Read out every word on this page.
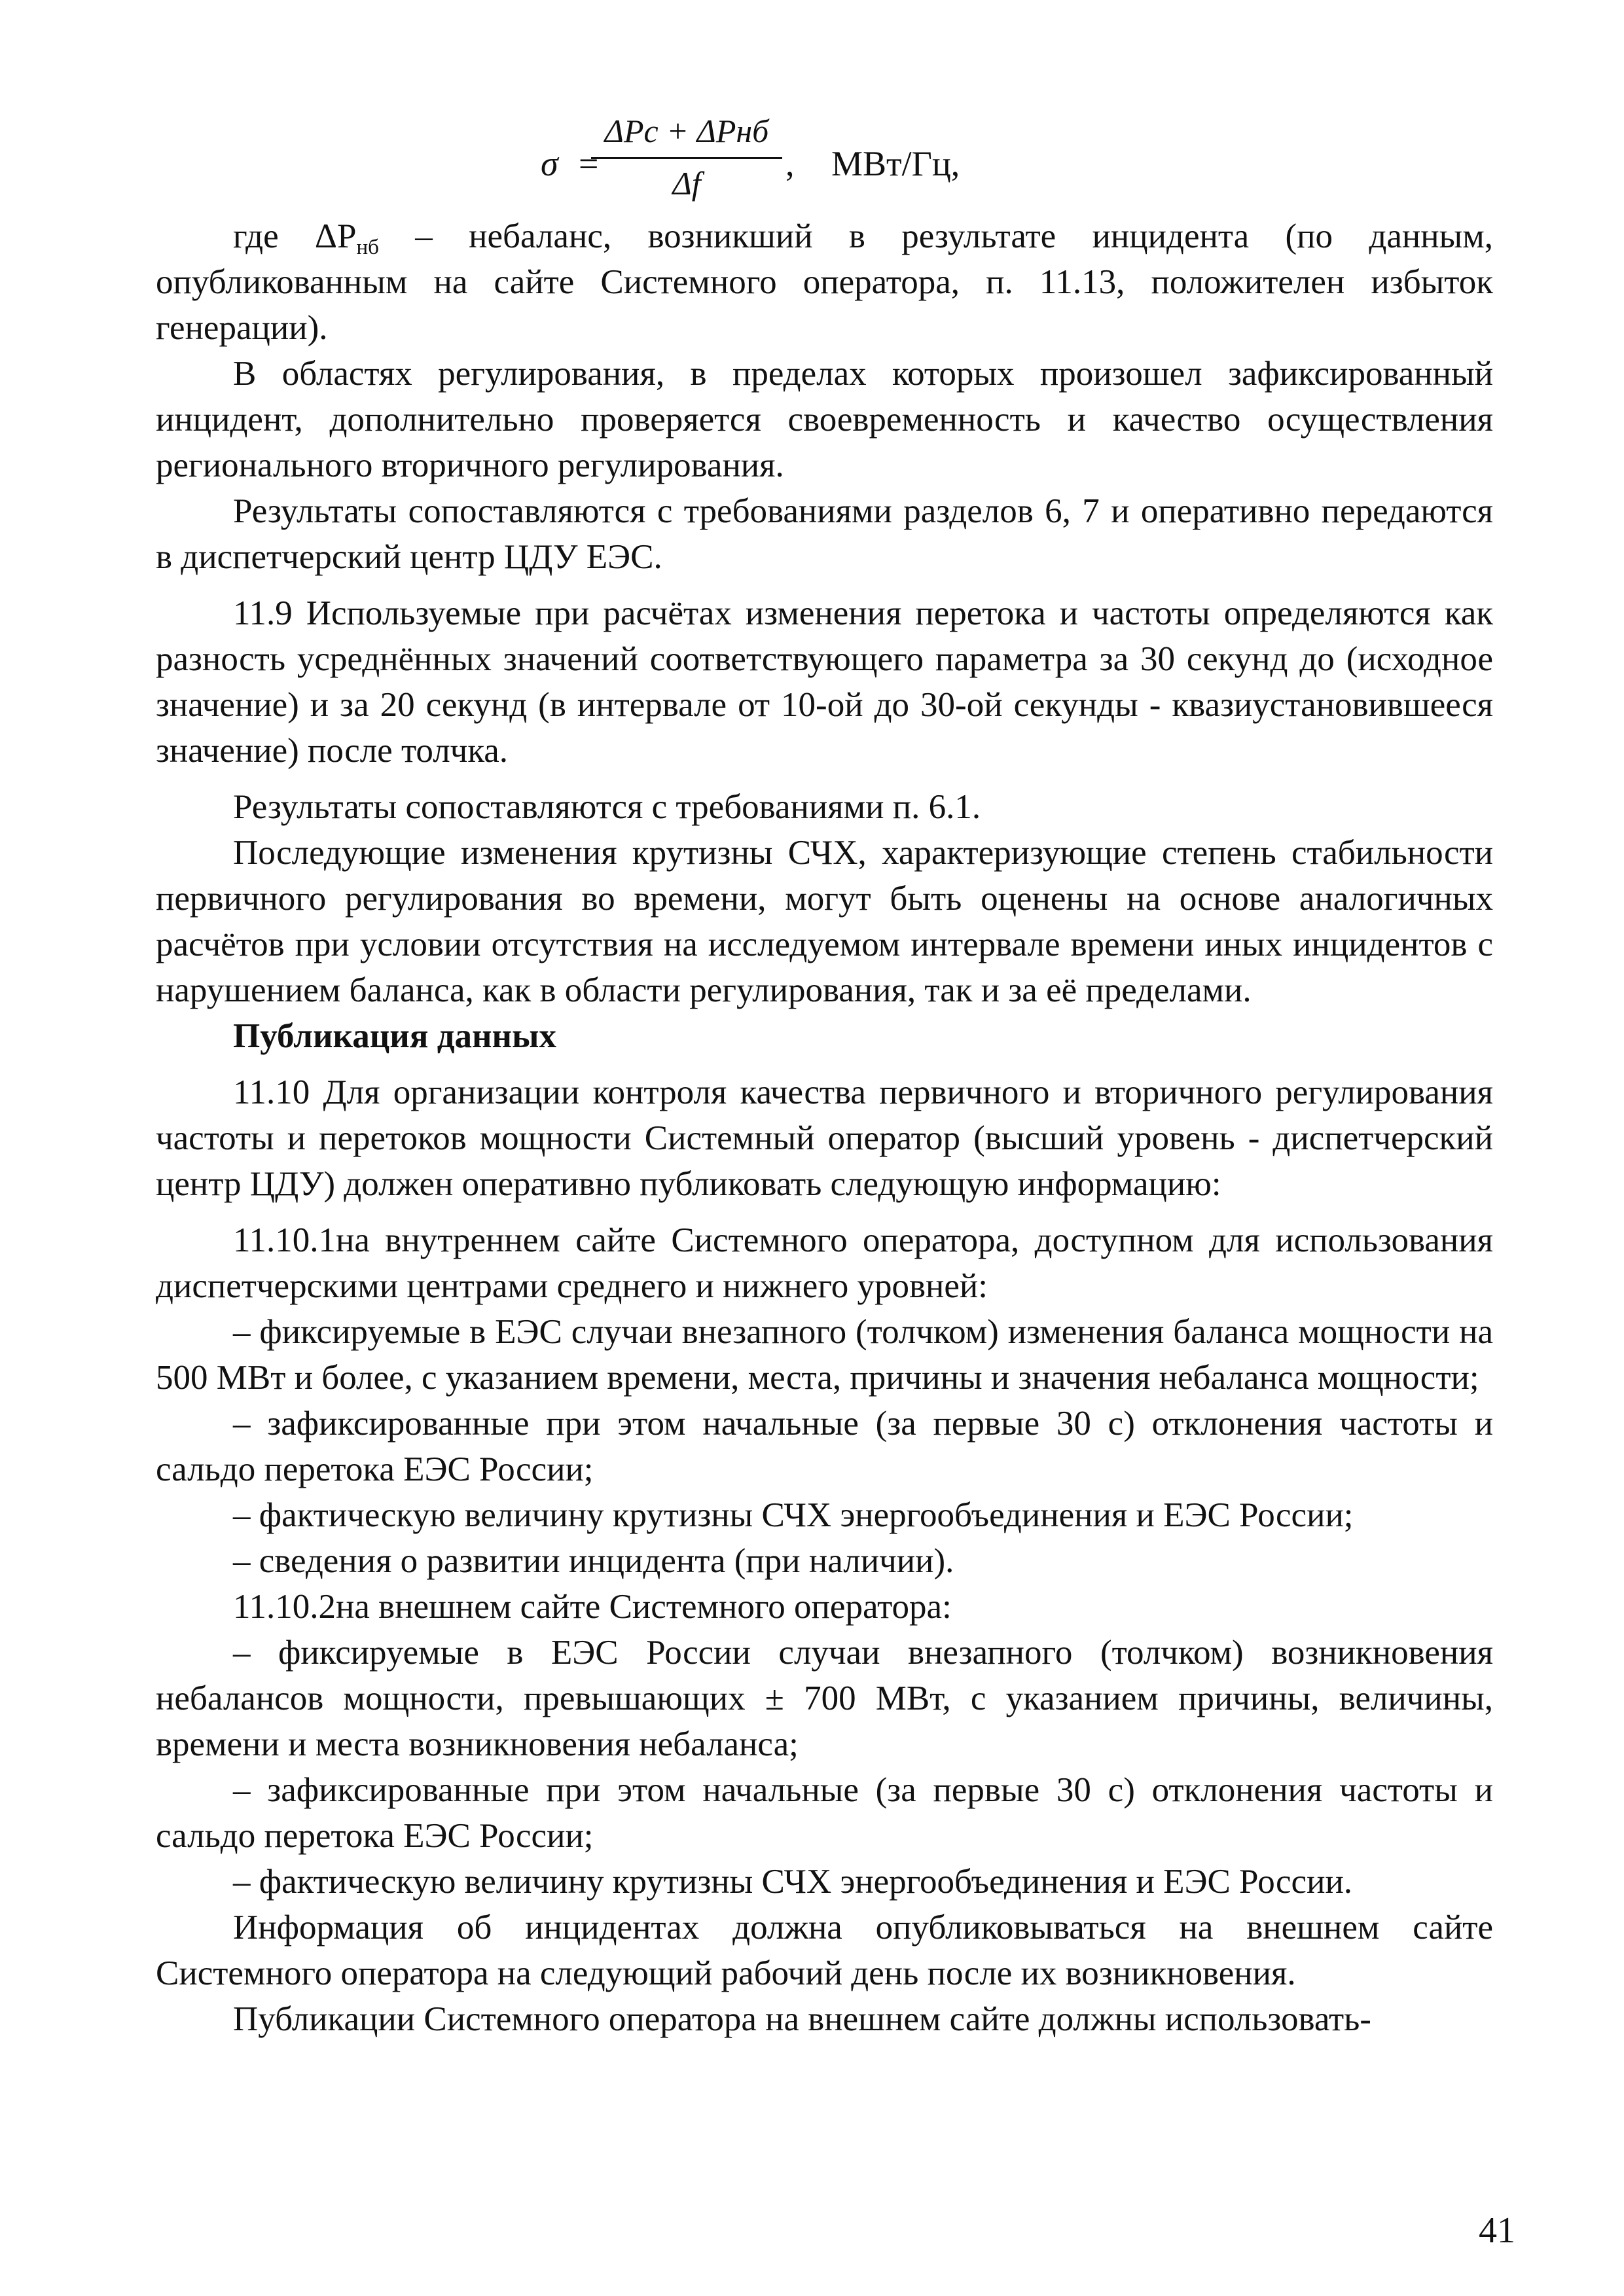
σ =
ΔPс + ΔPнб
Δf	, МВт/Гц,

где $\Delta P_{нб}$ – небаланс, возникший в результате инцидента (по данным, опубликованным на сайте Системного оператора, п. 11.13, положителен избыток генерации).

В областях регулирования, в пределах которых произошел зафиксированный инцидент, дополнительно проверяется своевременность и качество осуществления регионального вторичного регулирования.

Результаты сопоставляются с требованиями разделов 6, 7 и оперативно передаются в диспетчерский центр ЦДУ ЕЭС.

11.9 Используемые при расчётах изменения перетока и частоты определяются как разность усреднённых значений соответствующего параметра за 30 секунд до (исходное значение) и за 20 секунд (в интервале от 10-ой до 30-ой секунды - квазиустановившееся значение) после толчка.

Результаты сопоставляются с требованиями п. 6.1.

Последующие изменения крутизны СЧХ, характеризующие степень стабильности первичного регулирования во времени, могут быть оценены на основе аналогичных расчётов при условии отсутствия на исследуемом интервале времени иных инцидентов с нарушением баланса, как в области регулирования, так и за её пределами.

Публикация данных

11.10 Для организации контроля качества первичного и вторичного регулирования частоты и перетоков мощности Системный оператор (высший уровень - диспетчерский центр ЦДУ) должен оперативно публиковать следующую информацию:

11.10.1на внутреннем сайте Системного оператора, доступном для использования диспетчерскими центрами среднего и нижнего уровней:

– фиксируемые в ЕЭС случаи внезапного (толчком) изменения баланса мощности на 500 МВт и более, с указанием времени, места, причины и значения небаланса мощности;

– зафиксированные при этом начальные (за первые 30 с) отклонения частоты и сальдо перетока ЕЭС России;

– фактическую величину крутизны СЧХ энергообъединения и ЕЭС России;

– сведения о развитии инцидента (при наличии).

11.10.2на внешнем сайте Системного оператора:

– фиксируемые в ЕЭС России случаи внезапного (толчком) возникновения небалансов мощности, превышающих ± 700 МВт, с указанием причины, величины, времени и места возникновения небаланса;

– зафиксированные при этом начальные (за первые 30 с) отклонения частоты и сальдо перетока ЕЭС России;

– фактическую величину крутизны СЧХ энергообъединения и ЕЭС России.

Информация об инцидентах должна опубликовываться на внешнем сайте Системного оператора на следующий рабочий день после их возникновения.

Публикации Системного оператора на внешнем сайте должны использовать-

41
